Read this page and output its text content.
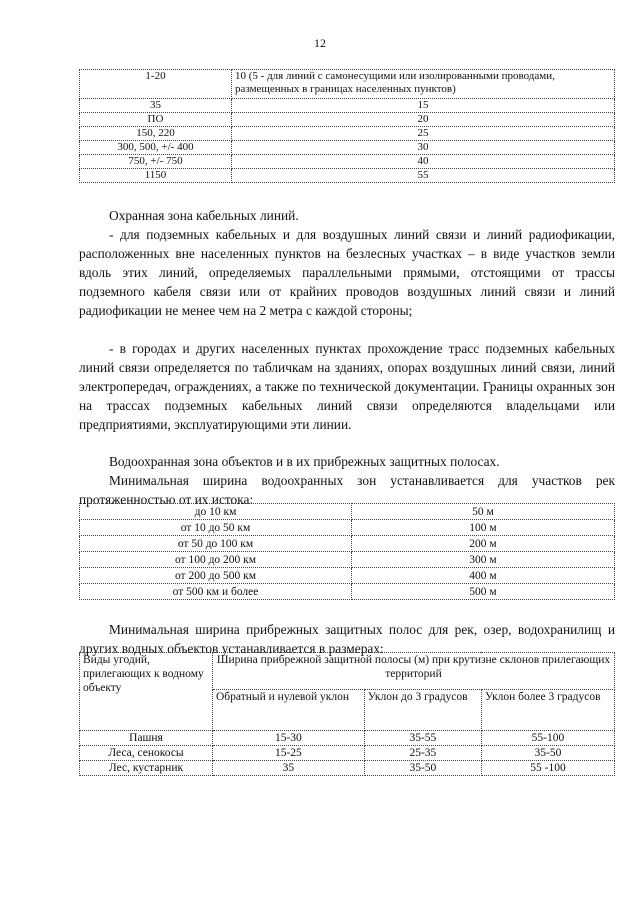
12
1-20	10 (5 - для линий с самонесущими или изолированными проводами, размещенных в границах населенных пунктов)
35	15
ПО	20
150, 220	25
300, 500, +/- 400	30
750, +/- 750	40
1150	55
Охранная зона кабельных линий.
- для подземных кабельных и для воздушных линий связи и линий радиофикации, расположенных вне населенных пунктов на безлесных участках – в виде участков земли вдоль этих линий, определяемых параллельными прямыми, отстоящими от трассы подземного кабеля связи или от крайних проводов воздушных линий связи и линий радиофикации не менее чем на 2 метра с каждой стороны;
- в городах и других населенных пунктах прохождение трасс подземных кабельных линий связи определяется по табличкам на зданиях, опорах воздушных линий связи, линий электропередач, ограждениях, а также по технической документации. Границы охранных зон на трассах подземных кабельных линий связи определяются владельцами или предприятиями, эксплуатирующими эти линии.
Водоохранная зона объектов и в их прибрежных защитных полосах.
Минимальная ширина водоохранных зон устанавливается для участков рек протяженностью от их истока:
до 10 км	50 м
от 10 до 50 км	100 м
от 50 до 100 км	200 м
от 100 до 200 км	300 м
от 200 до 500 км	400 м
от 500 км и более	500 м
Минимальная ширина прибрежных защитных полос для рек, озер, водохранилищ и других водных объектов устанавливается в размерах:
Виды угодий, прилегающих к водному объекту	Ширина прибрежной защитной полосы (м) при крутизне склонов прилегающих территорий		
	Обратный и нулевой уклон	Уклон до 3 градусов	Уклон более 3 градусов
Пашня	15-30	35-55	55-100
Леса, сенокосы	15-25	25-35	35-50
Лес, кустарник	35	35-50	55 -100
